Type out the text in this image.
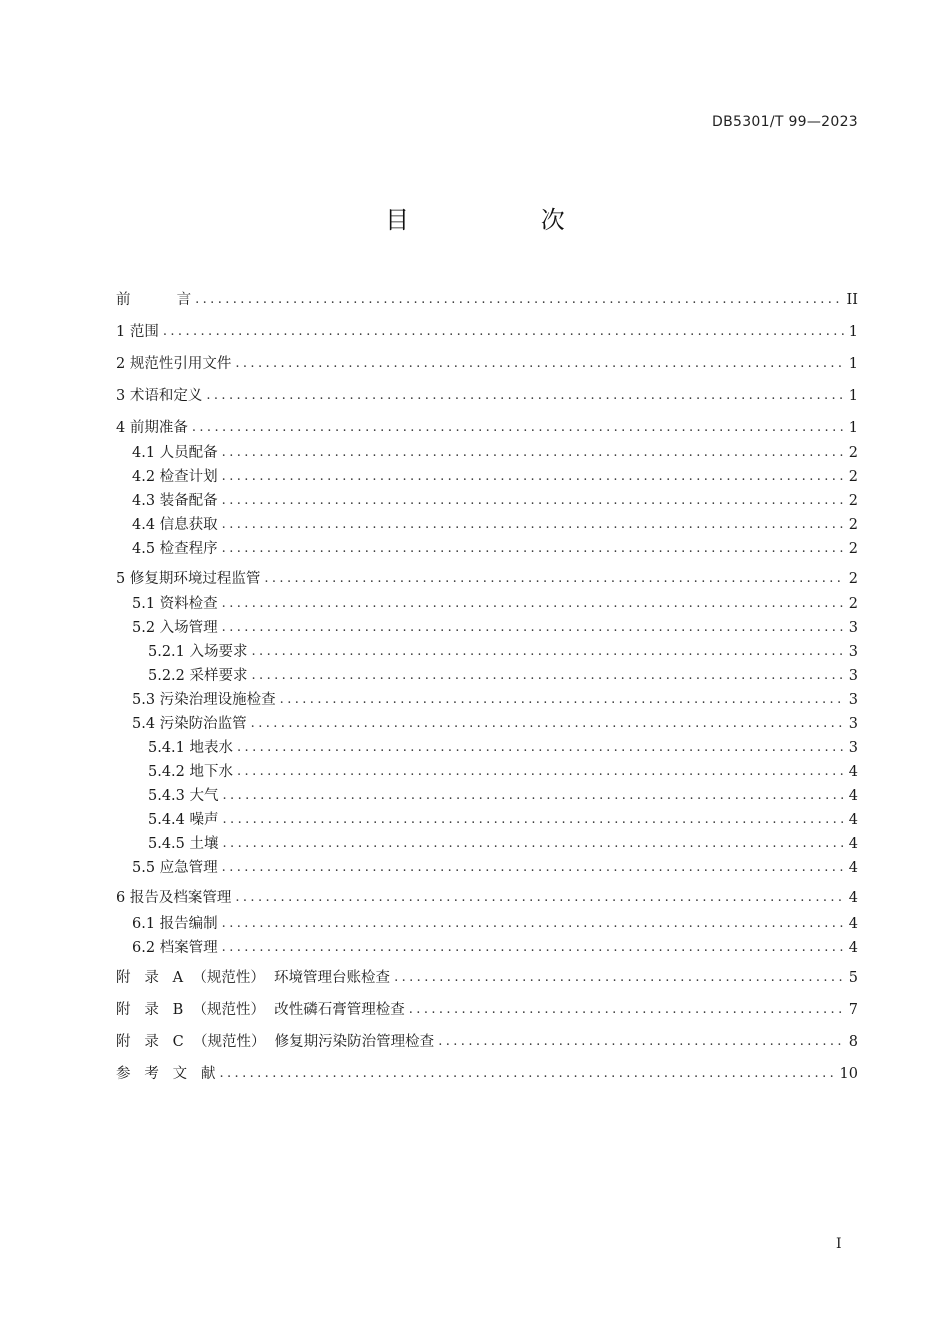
DB5301/T 99—2023
目 次
前          言 .....	II
1 范围 .....	1
2 规范性引用文件 .....	1
3 术语和定义 .....	1
4 前期准备 .....	1
4.1 人员配备 .....	2
4.2 检查计划 .....	2
4.3 装备配备 .....	2
4.4 信息获取 .....	2
4.5 检查程序 .....	2
5 修复期环境过程监管 .....	2
5.1 资料检查 .....	2
5.2 入场管理 .....	3
5.2.1 入场要求 .....	3
5.2.2 采样要求 .....	3
5.3 污染治理设施检查 .....	3
5.4 污染防治监管 .....	3
5.4.1 地表水 .....	3
5.4.2 地下水 .....	4
5.4.3 大气 .....	4
5.4.4 噪声 .....	4
5.4.5 土壤 .....	4
5.5 应急管理 .....	4
6 报告及档案管理 .....	4
6.1 报告编制 .....	4
6.2 档案管理 .....	4
附   录   A  （规范性）  环境管理台账检查 .....	5
附   录   B  （规范性）  改性磷石膏管理检查 .....	7
附   录   C  （规范性）  修复期污染防治管理检查 .....	8
参   考   文   献 .....	10
I
